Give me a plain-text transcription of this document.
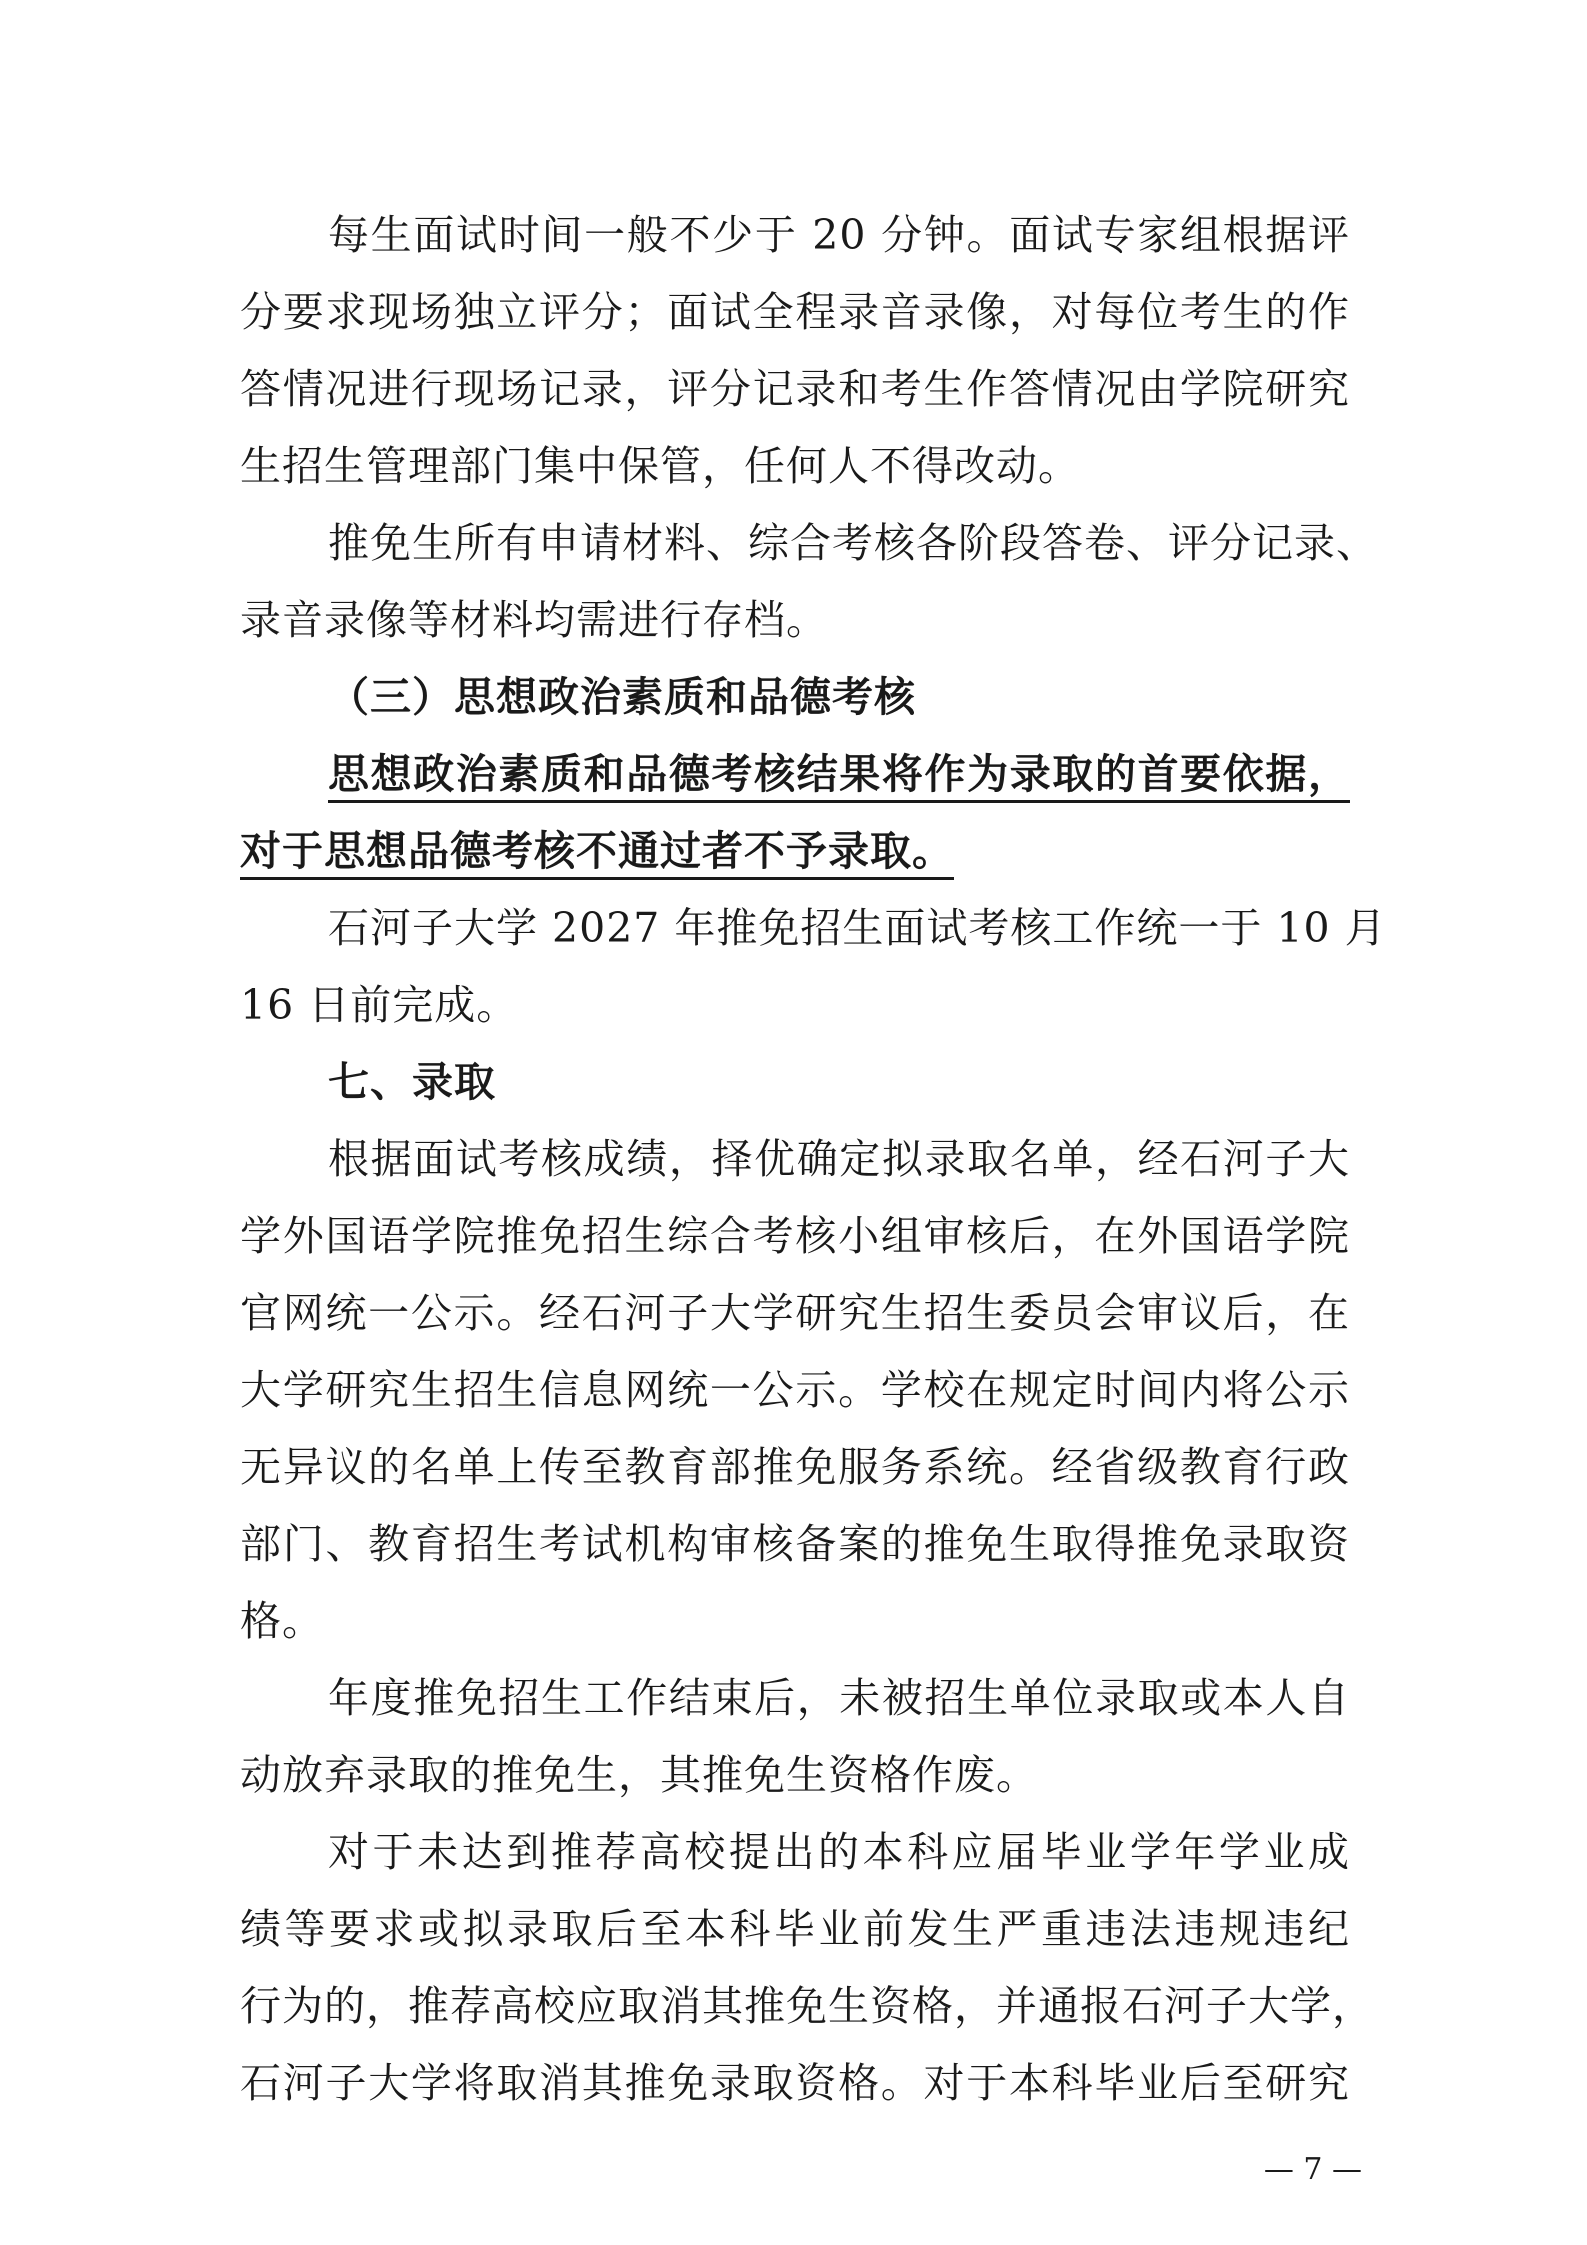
每生面试时间一般不少于 20 分钟。面试专家组根据评
分要求现场独立评分；面试全程录音录像，对每位考生的作
答情况进行现场记录，评分记录和考生作答情况由学院研究
生招生管理部门集中保管，任何人不得改动。
推免生所有申请材料、综合考核各阶段答卷、评分记录、
录音录像等材料均需进行存档。
（三）思想政治素质和品德考核
思想政治素质和品德考核结果将作为录取的首要依据，
对于思想品德考核不通过者不予录取。
石河子大学 2027 年推免招生面试考核工作统一于 10 月
16 日前完成。
七、录取
根据面试考核成绩，择优确定拟录取名单，经石河子大
学外国语学院推免招生综合考核小组审核后，在外国语学院
官网统一公示。经石河子大学研究生招生委员会审议后，在
大学研究生招生信息网统一公示。学校在规定时间内将公示
无异议的名单上传至教育部推免服务系统。经省级教育行政
部门、教育招生考试机构审核备案的推免生取得推免录取资
格。
年度推免招生工作结束后，未被招生单位录取或本人自
动放弃录取的推免生，其推免生资格作废。
对于未达到推荐高校提出的本科应届毕业学年学业成
绩等要求或拟录取后至本科毕业前发生严重违法违规违纪
行为的，推荐高校应取消其推免生资格，并通报石河子大学，
石河子大学将取消其推免录取资格。对于本科毕业后至研究
— 7 —
